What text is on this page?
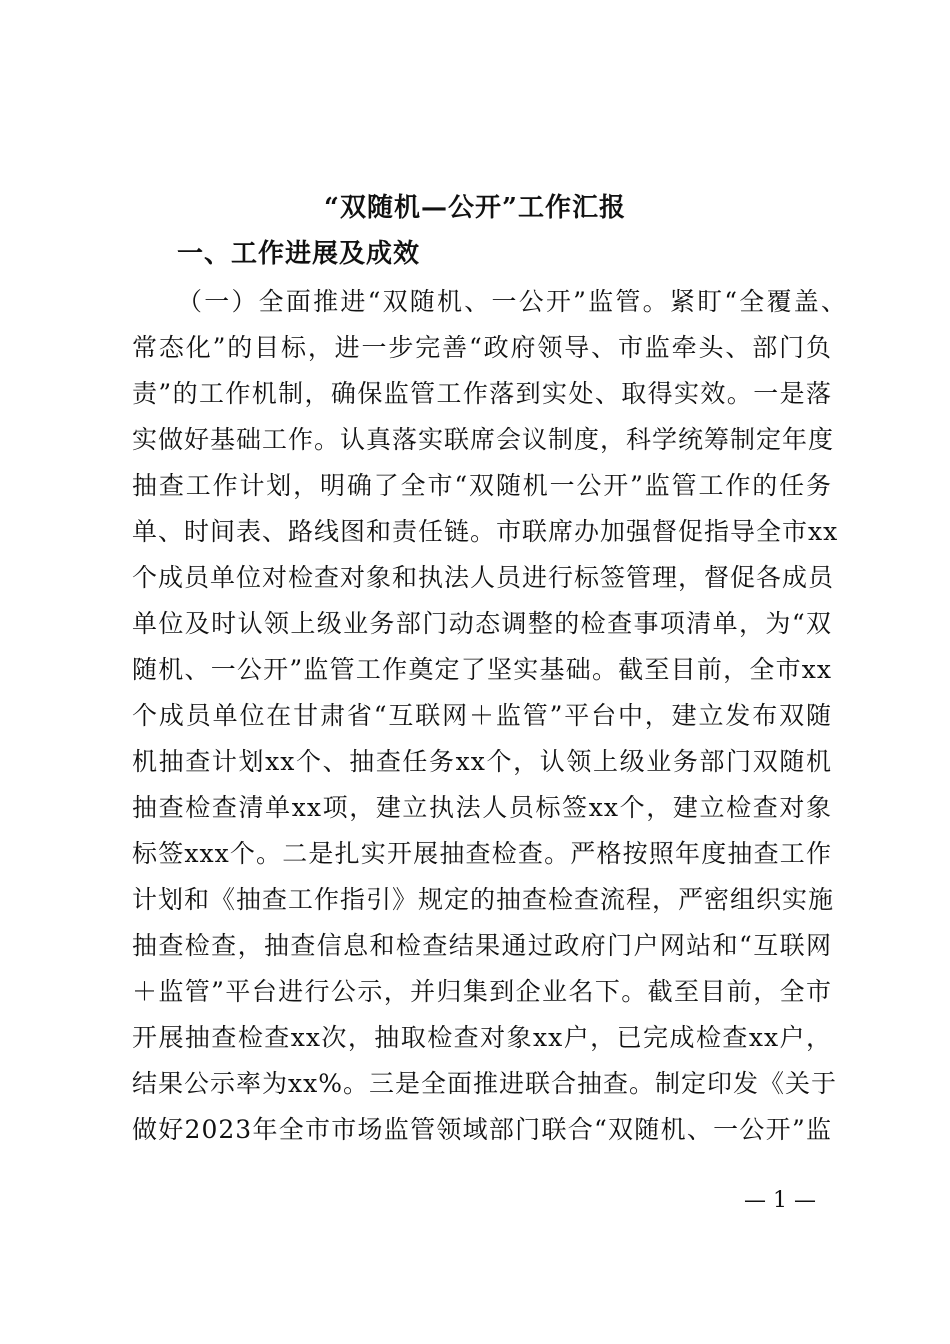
“双随机—公开”工作汇报
一、工作进展及成效
（一）全面推进“双随机、一公开”监管。紧盯“全覆盖、
常态化”的目标，进一步完善“政府领导、市监牵头、部门负
责”的工作机制，确保监管工作落到实处、取得实效。一是落
实做好基础工作。认真落实联席会议制度，科学统筹制定年度
抽查工作计划，明确了全市“双随机一公开”监管工作的任务
单、时间表、路线图和责任链。市联席办加强督促指导全市xx
个成员单位对检查对象和执法人员进行标签管理，督促各成员
单位及时认领上级业务部门动态调整的检查事项清单，为“双
随机、一公开”监管工作奠定了坚实基础。截至目前，全市xx
个成员单位在甘肃省“互联网＋监管”平台中，建立发布双随
机抽查计划xx个、抽查任务xx个，认领上级业务部门双随机
抽查检查清单xx项，建立执法人员标签xx个，建立检查对象
标签xxx个。二是扎实开展抽查检查。严格按照年度抽查工作
计划和《抽查工作指引》规定的抽查检查流程，严密组织实施
抽查检查，抽查信息和检查结果通过政府门户网站和“互联网
＋监管”平台进行公示，并归集到企业名下。截至目前，全市
开展抽查检查xx次，抽取检查对象xx户，已完成检查xx户，
结果公示率为xx%。三是全面推进联合抽查。制定印发《关于
做好2023年全市市场监管领域部门联合“双随机、一公开”监
— 1 —
